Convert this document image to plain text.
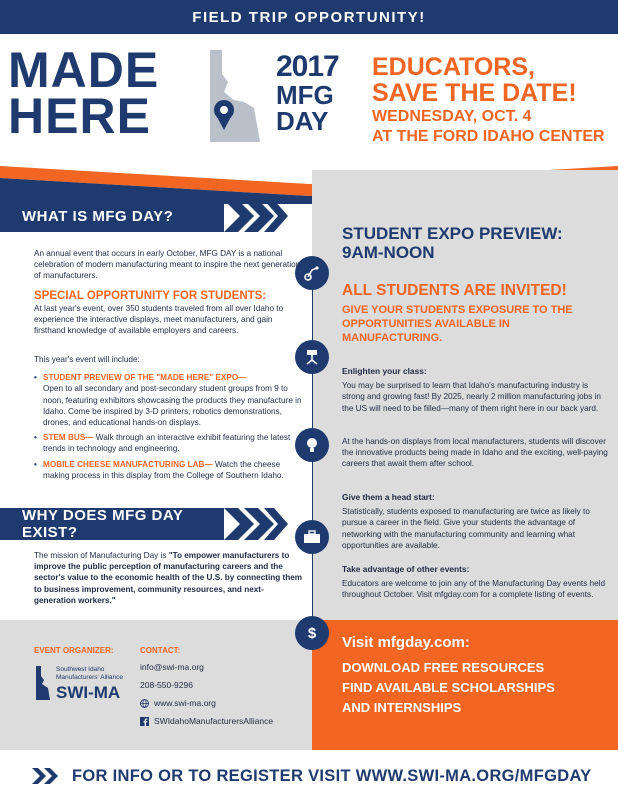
FIELD TRIP OPPORTUNITY!
MADE
HERE
2017
MFG
DAY
EDUCATORS,
SAVE THE DATE!
WEDNESDAY, OCT. 4
AT THE FORD IDAHO CENTER
STUDENT EXPO PREVIEW:
9AM-NOON
ALL STUDENTS ARE INVITED!
GIVE YOUR STUDENTS EXPOSURE TO THE OPPORTUNITIES AVAILABLE IN MANUFACTURING.
Enlighten your class:
You may be surprised to learn that Idaho's manufacturing industry is strong and growing fast! By 2025, nearly 2 million manufacturing jobs in the US will need to be filled—many of them right here in our back yard.
At the hands-on displays from local manufacturers, students will discover the innovative products being made in Idaho and the exciting, well-paying careers that await them after school.
Give them a head start:
Statistically, students exposed to manufacturing are twice as likely to pursue a career in the field. Give your students the advantage of networking with the manufacturing community and learning what opportunities are available.
Take advantage of other events:
Educators are welcome to join any of the Manufacturing Day events held throughout October. Visit mfgday.com for a complete listing of events.
WHAT IS MFG DAY?
An annual event that occurs in early October, MFG DAY is a national celebration of modern manufacturing meant to inspire the next generation of manufacturers.
SPECIAL OPPORTUNITY FOR STUDENTS:
At last year's event, over 350 students traveled from all over Idaho to experience the interactive displays, meet manufacturers, and gain firsthand knowledge of available employers and careers.
This year's event will include:
• STUDENT PREVIEW OF THE "MADE HERE" EXPO—
Open to all secondary and post-secondary student groups from 9 to noon, featuring exhibitors showcasing the products they manufacture in Idaho. Come be inspired by 3-D printers, robotics demonstrations, drones, and educational hands-on displays.
• STEM BUS— Walk through an interactive exhibit featuring the latest trends in technology and engineering.
• MOBILE CHEESE MANUFACTURING LAB— Watch the cheese making process in this display from the College of Southern Idaho.
WHY DOES MFG DAY EXIST?
The mission of Manufacturing Day is "To empower manufacturers to improve the public perception of manufacturing careers and the sector's value to the economic health of the U.S. by connecting them to business improvement, community resources, and next-generation workers."
EVENT ORGANIZER:	CONTACT:
Southwest Idaho
Manufacturers' Alliance
SWI-MA
info@swi-ma.org
208-550-9296
www.swi-ma.org
SWIdahoManufacturersAlliance
Visit mfgday.com:
DOWNLOAD FREE RESOURCES
FIND AVAILABLE SCHOLARSHIPS
AND INTERNSHIPS
$
FOR INFO OR TO REGISTER VISIT WWW.SWI-MA.ORG/MFGDAY
